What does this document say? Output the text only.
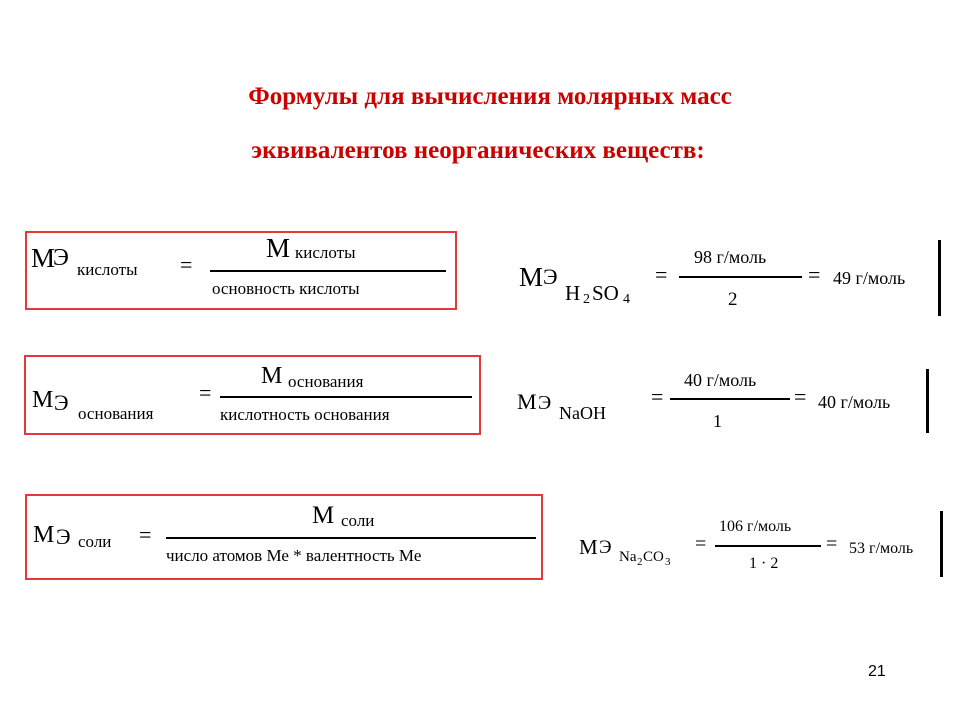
Формулы для вычисления молярных масс
эквивалентов неорганических веществ:
М
Э кислоты =
М кислоты
основность кислоты	М Э
Н 2 SO 4
=
98 г/моль
2
= 49 г/моль
М Э основания
=
М основания
кислотность основания
М Э NaOH
=
40 г/моль
1
= 40 г/моль
М Э соли =
М соли
число атомов Ме * валентность Ме	М Э Na 2 CO 3
=
106 г/моль
1 · 2
= 53 г/моль
21
